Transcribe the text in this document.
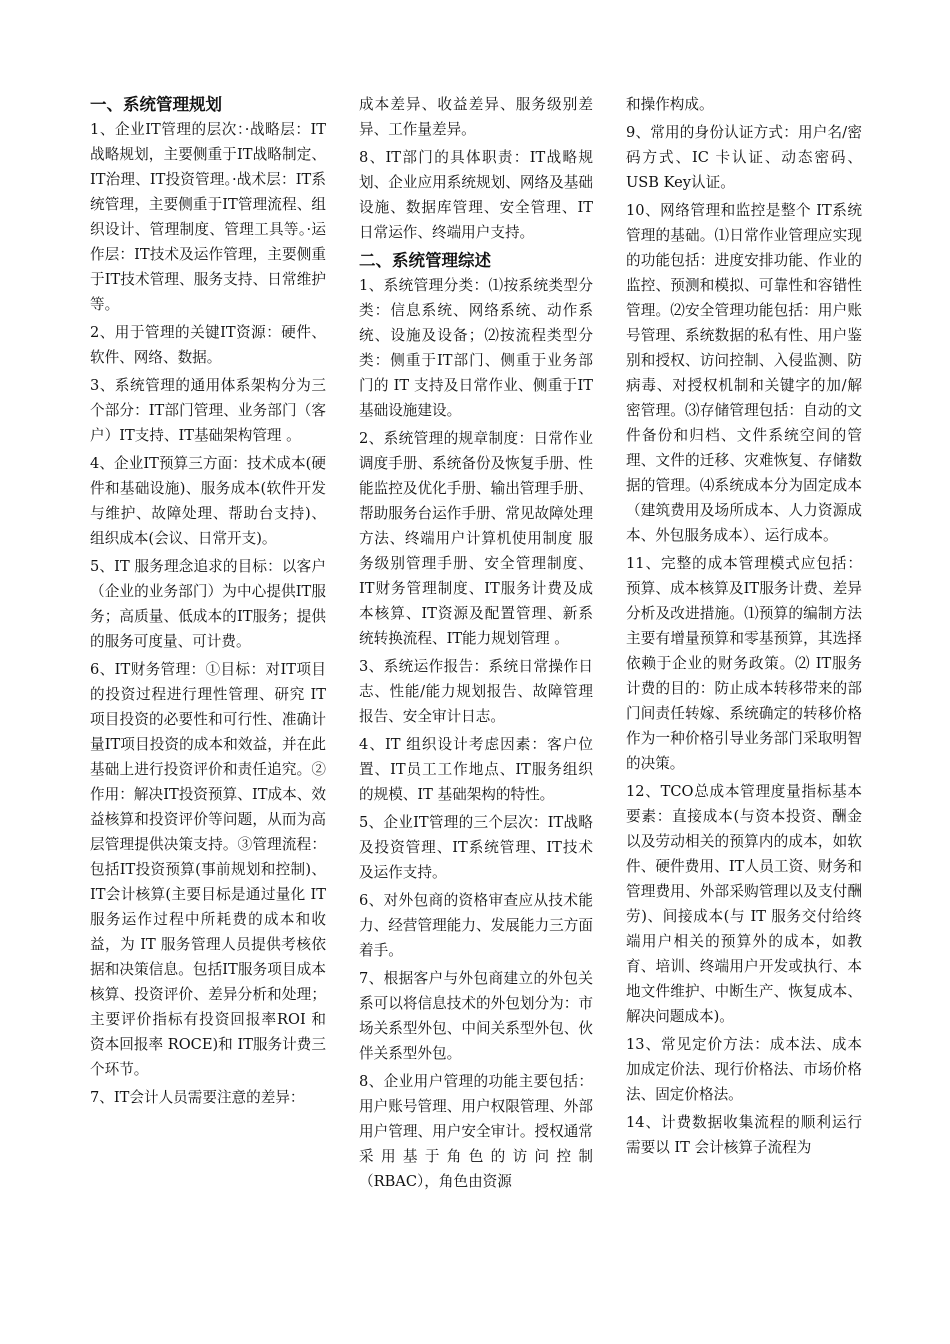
一、系统管理规划
1、企业IT管理的层次：·战略层：IT战略规划，主要侧重于IT战略制定、IT治理、IT投资管理。·战术层：IT系统管理，主要侧重于IT管理流程、组织设计、管理制度、管理工具等。·运作层：IT技术及运作管理，主要侧重于IT技术管理、服务支持、日常维护等。
2、用于管理的关键IT资源：硬件、软件、网络、数据。
3、系统管理的通用体系架构分为三个部分：IT部门管理、业务部门（客户）IT支持、IT基础架构管理 。
4、企业IT预算三方面：技术成本(硬件和基础设施)、服务成本(软件开发与维护、故障处理、帮助台支持)、组织成本(会议、日常开支)。
5、IT 服务理念追求的目标：以客户（企业的业务部门）为中心提供IT服务；高质量、低成本的IT服务；提供的服务可度量、可计费。
6、IT财务管理：①目标：对IT项目的投资过程进行理性管理、研究 IT 项目投资的必要性和可行性、准确计量IT项目投资的成本和效益，并在此基础上进行投资评价和责任追究。②作用：解决IT投资预算、IT成本、效益核算和投资评价等问题，从而为高层管理提供决策支持。③管理流程：包括IT投资预算(事前规划和控制)、IT会计核算(主要目标是通过量化 IT 服务运作过程中所耗费的成本和收益，为 IT 服务管理人员提供考核依据和决策信息。包括IT服务项目成本核算、投资评价、差异分析和处理；主要评价指标有投资回报率ROI 和资本回报率 ROCE)和 IT服务计费三个环节。
7、IT会计人员需要注意的差异：
成本差异、收益差异、服务级别差异、工作量差异。
8、IT部门的具体职责：IT战略规划、企业应用系统规划、网络及基础设施、数据库管理、安全管理、IT日常运作、终端用户支持。
二、系统管理综述
1、系统管理分类：⑴按系统类型分类：信息系统、网络系统、动作系统、设施及设备；⑵按流程类型分类：侧重于IT部门、侧重于业务部门的 IT 支持及日常作业、侧重于IT基础设施建设。
2、系统管理的规章制度：日常作业调度手册、系统备份及恢复手册、性能监控及优化手册、输出管理手册、帮助服务台运作手册、常见故障处理方法、终端用户计算机使用制度 服务级别管理手册、安全管理制度、IT财务管理制度、IT服务计费及成本核算、IT资源及配置管理、新系统转换流程、IT能力规划管理 。
3、系统运作报告：系统日常操作日志、性能/能力规划报告、故障管理报告、安全审计日志。
4、IT 组织设计考虑因素：客户位置、IT员工工作地点、IT服务组织的规模、IT 基础架构的特性。
5、企业IT管理的三个层次：IT战略及投资管理、IT系统管理、IT技术及运作支持。
6、对外包商的资格审查应从技术能力、经营管理能力、发展能力三方面着手。
7、根据客户与外包商建立的外包关系可以将信息技术的外包划分为：市场关系型外包、中间关系型外包、伙伴关系型外包。
8、企业用户管理的功能主要包括：用户账号管理、用户权限管理、外部用户管理、用户安全审计。授权通常采用基于角色的访问控制（RBAC），角色由资源
和操作构成。
9、常用的身份认证方式：用户名/密码方式、IC 卡认证、动态密码、USB Key认证。
10、网络管理和监控是整个 IT系统管理的基础。⑴日常作业管理应实现的功能包括：进度安排功能、作业的监控、预测和模拟、可靠性和容错性管理。⑵安全管理功能包括：用户账号管理、系统数据的私有性、用户鉴别和授权、访问控制、入侵监测、防病毒、对授权机制和关键字的加/解密管理。⑶存储管理包括：自动的文件备份和归档、文件系统空间的管理、文件的迁移、灾难恢复、存储数据的管理。⑷系统成本分为固定成本（建筑费用及场所成本、人力资源成本、外包服务成本）、运行成本。
11、完整的成本管理模式应包括：预算、成本核算及IT服务计费、差异分析及改进措施。⑴预算的编制方法主要有增量预算和零基预算，其选择依赖于企业的财务政策。⑵ IT服务计费的目的：防止成本转移带来的部门间责任转嫁、系统确定的转移价格作为一种价格引导业务部门采取明智的决策。
12、TCO总成本管理度量指标基本要素：直接成本(与资本投资、酬金以及劳动相关的预算内的成本，如软件、硬件费用、IT人员工资、财务和管理费用、外部采购管理以及支付酬劳)、间接成本(与 IT 服务交付给终端用户相关的预算外的成本，如教育、培训、终端用户开发或执行、本地文件维护、中断生产、恢复成本、解决问题成本)。
13、常见定价方法：成本法、成本加成定价法、现行价格法、市场价格法、固定价格法。
14、计费数据收集流程的顺利运行需要以 IT 会计核算子流程为
